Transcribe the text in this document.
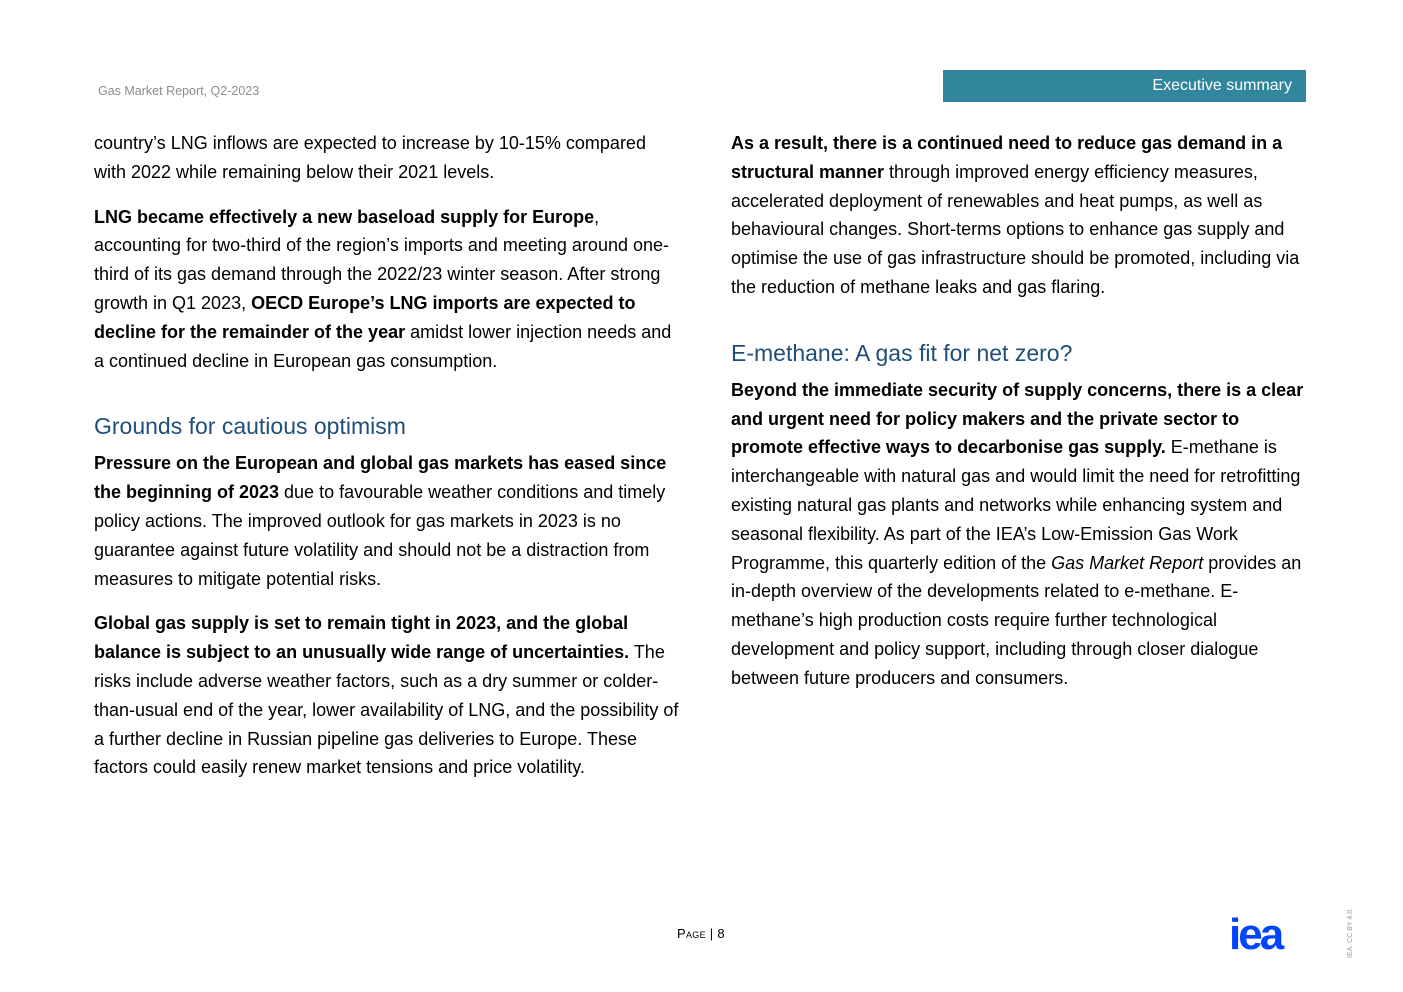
Gas Market Report, Q2-2023	Executive summary

country’s LNG inflows are expected to increase by 10-15% compared with 2022 while remaining below their 2021 levels.

LNG became effectively a new baseload supply for Europe, accounting for two-third of the region’s imports and meeting around one-third of its gas demand through the 2022/23 winter season. After strong growth in Q1 2023, OECD Europe’s LNG imports are expected to decline for the remainder of the year amidst lower injection needs and a continued decline in European gas consumption.

Grounds for cautious optimism

Pressure on the European and global gas markets has eased since the beginning of 2023 due to favourable weather conditions and timely policy actions. The improved outlook for gas markets in 2023 is no guarantee against future volatility and should not be a distraction from measures to mitigate potential risks.

Global gas supply is set to remain tight in 2023, and the global balance is subject to an unusually wide range of uncertainties. The risks include adverse weather factors, such as a dry summer or colder-than-usual end of the year, lower availability of LNG, and the possibility of a further decline in Russian pipeline gas deliveries to Europe. These factors could easily renew market tensions and price volatility.

As a result, there is a continued need to reduce gas demand in a structural manner through improved energy efficiency measures, accelerated deployment of renewables and heat pumps, as well as behavioural changes. Short-terms options to enhance gas supply and optimise the use of gas infrastructure should be promoted, including via the reduction of methane leaks and gas flaring.

E-methane: A gas fit for net zero?

Beyond the immediate security of supply concerns, there is a clear and urgent need for policy makers and the private sector to promote effective ways to decarbonise gas supply. E-methane is interchangeable with natural gas and would limit the need for retrofitting existing natural gas plants and networks while enhancing system and seasonal flexibility. As part of the IEA’s Low-Emission Gas Work Programme, this quarterly edition of the Gas Market Report provides an in-depth overview of the developments related to e-methane. E-methane’s high production costs require further technological development and policy support, including through closer dialogue between future producers and consumers.

Page | 8	iea	IEA. CC BY 4.0.
